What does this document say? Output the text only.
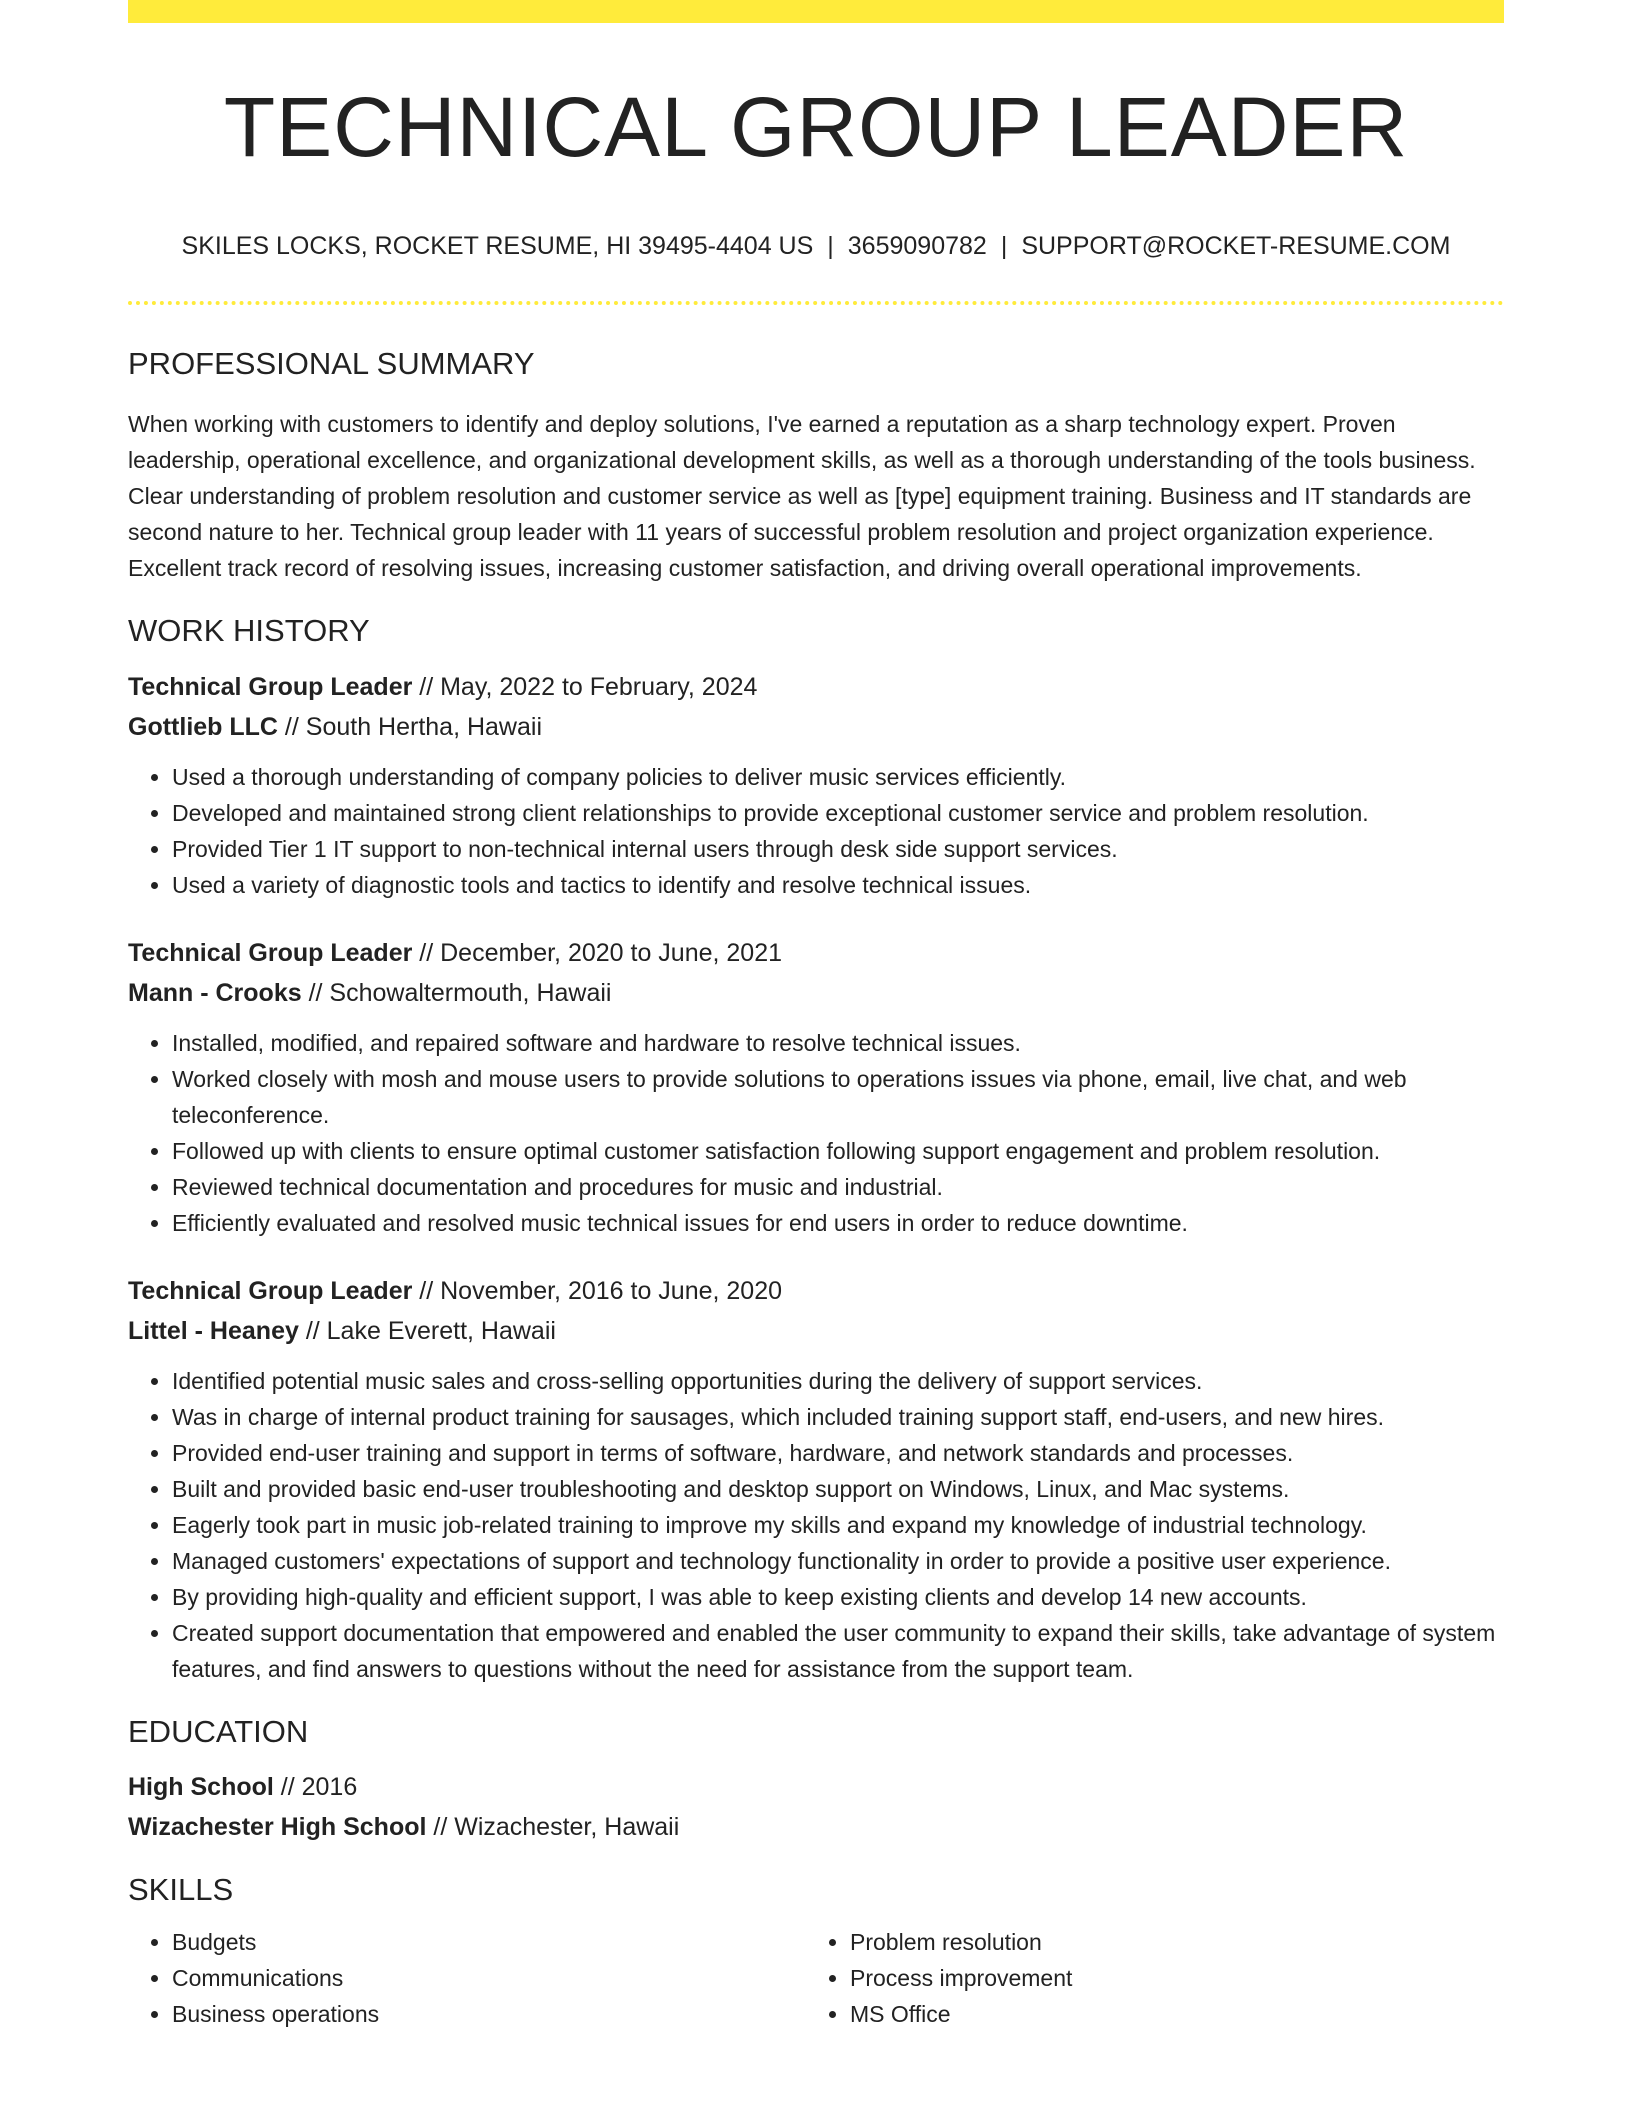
TECHNICAL GROUP LEADER
SKILES LOCKS, ROCKET RESUME, HI 39495-4404 US | 3659090782 | SUPPORT@ROCKET-RESUME.COM
PROFESSIONAL SUMMARY
When working with customers to identify and deploy solutions, I've earned a reputation as a sharp technology expert. Proven leadership, operational excellence, and organizational development skills, as well as a thorough understanding of the tools business. Clear understanding of problem resolution and customer service as well as [type] equipment training. Business and IT standards are second nature to her. Technical group leader with 11 years of successful problem resolution and project organization experience. Excellent track record of resolving issues, increasing customer satisfaction, and driving overall operational improvements.
WORK HISTORY
Technical Group Leader // May, 2022 to February, 2024
Gottlieb LLC // South Hertha, Hawaii
• Used a thorough understanding of company policies to deliver music services efficiently.
• Developed and maintained strong client relationships to provide exceptional customer service and problem resolution.
• Provided Tier 1 IT support to non-technical internal users through desk side support services.
• Used a variety of diagnostic tools and tactics to identify and resolve technical issues.
Technical Group Leader // December, 2020 to June, 2021
Mann - Crooks // Schowaltermouth, Hawaii
• Installed, modified, and repaired software and hardware to resolve technical issues.
• Worked closely with mosh and mouse users to provide solutions to operations issues via phone, email, live chat, and web teleconference.
• Followed up with clients to ensure optimal customer satisfaction following support engagement and problem resolution.
• Reviewed technical documentation and procedures for music and industrial.
• Efficiently evaluated and resolved music technical issues for end users in order to reduce downtime.
Technical Group Leader // November, 2016 to June, 2020
Littel - Heaney // Lake Everett, Hawaii
• Identified potential music sales and cross-selling opportunities during the delivery of support services.
• Was in charge of internal product training for sausages, which included training support staff, end-users, and new hires.
• Provided end-user training and support in terms of software, hardware, and network standards and processes.
• Built and provided basic end-user troubleshooting and desktop support on Windows, Linux, and Mac systems.
• Eagerly took part in music job-related training to improve my skills and expand my knowledge of industrial technology.
• Managed customers' expectations of support and technology functionality in order to provide a positive user experience.
• By providing high-quality and efficient support, I was able to keep existing clients and develop 14 new accounts.
• Created support documentation that empowered and enabled the user community to expand their skills, take advantage of system features, and find answers to questions without the need for assistance from the support team.
EDUCATION
High School // 2016
Wizachester High School // Wizachester, Hawaii
SKILLS
• Budgets
• Communications
• Business operations
• Problem resolution
• Process improvement
• MS Office
